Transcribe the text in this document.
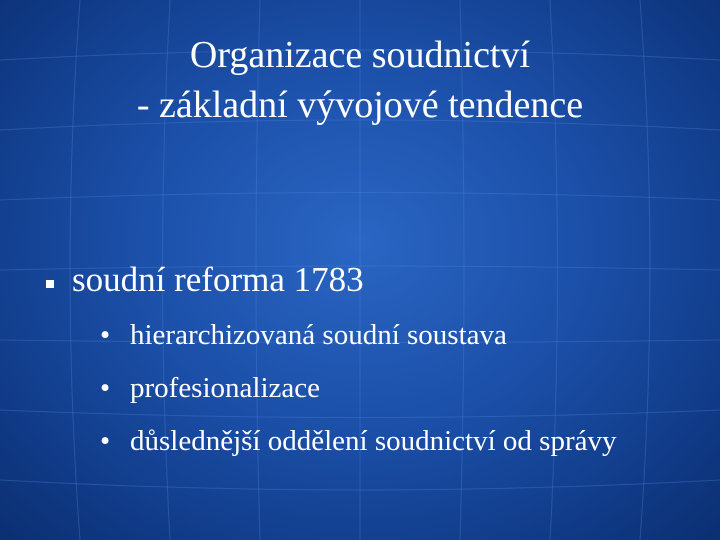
Organizace soudnictví
- základní vývojové tendence
soudní reforma 1783
• hierarchizovaná soudní soustava
• profesionalizace
• důslednější oddělení soudnictví od správy
